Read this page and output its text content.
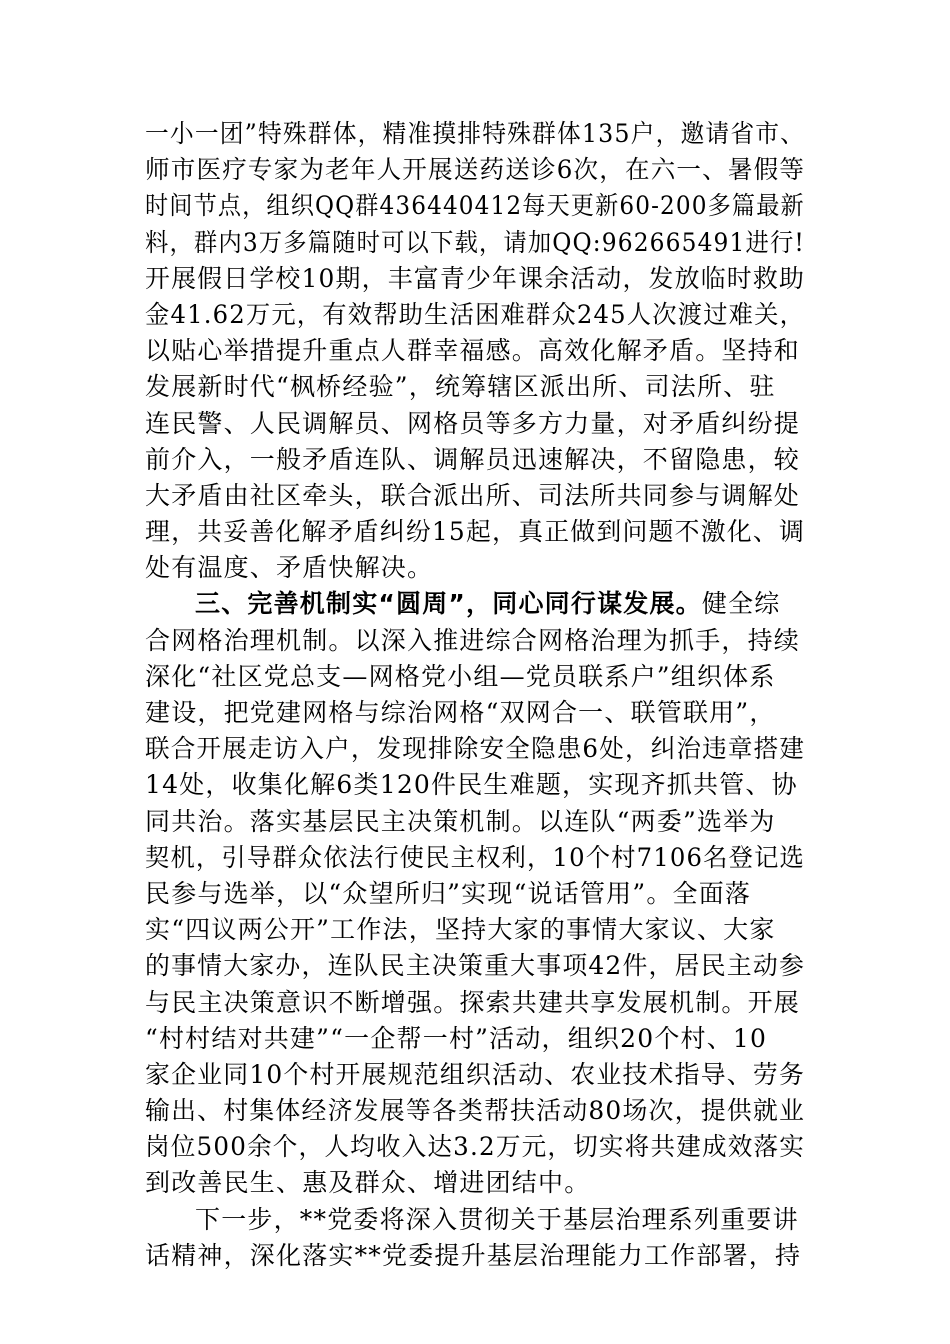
一小一团”特殊群体，精准摸排特殊群体135户，邀请省市、
师市医疗专家为老年人开展送药送诊6次，在六一、暑假等
时间节点，组织QQ群436440412每天更新60-200多篇最新
料，群内3万多篇随时可以下载，请加QQ:962665491进行!
开展假日学校10期，丰富青少年课余活动，发放临时救助
金41.62万元，有效帮助生活困难群众245人次渡过难关，
以贴心举措提升重点人群幸福感。高效化解矛盾。坚持和
发展新时代“枫桥经验”，统筹辖区派出所、司法所、驻
连民警、人民调解员、网格员等多方力量，对矛盾纠纷提
前介入，一般矛盾连队、调解员迅速解决，不留隐患，较
大矛盾由社区牵头，联合派出所、司法所共同参与调解处
理，共妥善化解矛盾纠纷15起，真正做到问题不激化、调
处有温度、矛盾快解决。
三、完善机制实“圆周”，同心同行谋发展。健全综
合网格治理机制。以深入推进综合网格治理为抓手，持续
深化“社区党总支—网格党小组—党员联系户”组织体系
建设，把党建网格与综治网格“双网合一、联管联用”，
联合开展走访入户，发现排除安全隐患6处，纠治违章搭建
14处，收集化解6类120件民生难题，实现齐抓共管、协
同共治。落实基层民主决策机制。以连队“两委”选举为
契机，引导群众依法行使民主权利，10个村7106名登记选
民参与选举，以“众望所归”实现“说话管用”。全面落
实“四议两公开”工作法，坚持大家的事情大家议、大家
的事情大家办，连队民主决策重大事项42件，居民主动参
与民主决策意识不断增强。探索共建共享发展机制。开展
“村村结对共建”“一企帮一村”活动，组织20个村、10
家企业同10个村开展规范组织活动、农业技术指导、劳务
输出、村集体经济发展等各类帮扶活动80场次，提供就业
岗位500余个，人均收入达3.2万元，切实将共建成效落实
到改善民生、惠及群众、增进团结中。
下一步，**党委将深入贯彻关于基层治理系列重要讲
话精神，深化落实**党委提升基层治理能力工作部署，持
